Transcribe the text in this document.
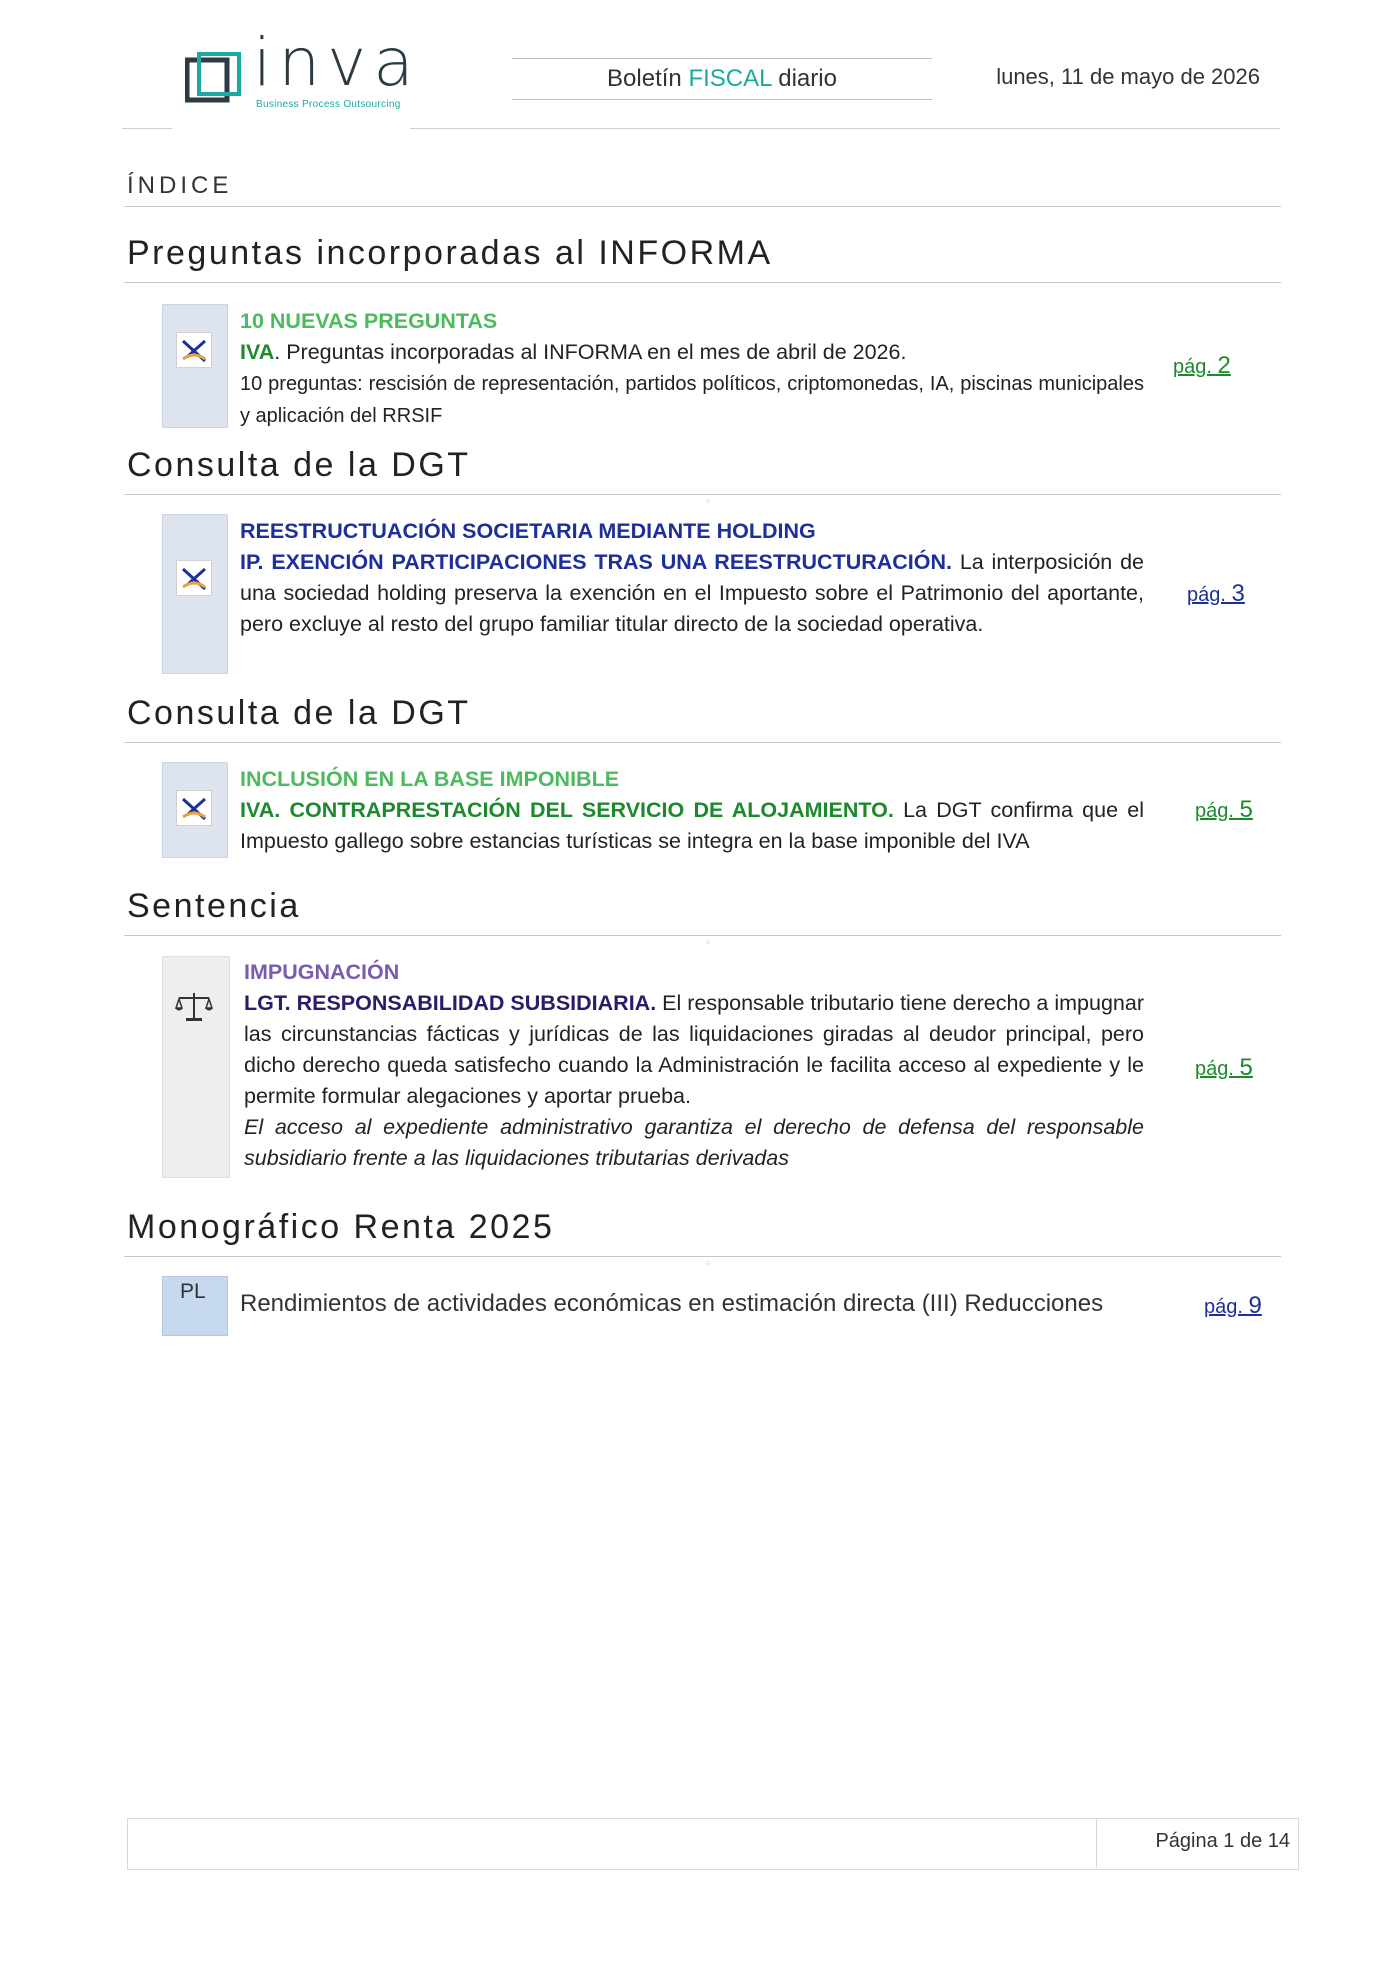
inva
Business Process Outsourcing
Boletín FISCAL diario	lunes, 11 de mayo de 2026
ÍNDICE
Preguntas incorporadas al INFORMA
10 NUEVAS PREGUNTAS
IVA. Preguntas incorporadas al INFORMA en el mes de abril de 2026.
10 preguntas: rescisión de representación, partidos políticos, criptomonedas, IA, piscinas municipales y aplicación del RRSIF
pág. 2
Consulta de la DGT
⁘
REESTRUCTUACIÓN SOCIETARIA MEDIANTE HOLDING
IP. EXENCIÓN PARTICIPACIONES TRAS UNA REESTRUCTURACIÓN. La interposición de una sociedad holding preserva la exención en el Impuesto sobre el Patrimonio del aportante, pero excluye al resto del grupo familiar titular directo de la sociedad operativa.
pág. 3
Consulta de la DGT
INCLUSIÓN EN LA BASE IMPONIBLE
IVA. CONTRAPRESTACIÓN DEL SERVICIO DE ALOJAMIENTO. La DGT confirma que el Impuesto gallego sobre estancias turísticas se integra en la base imponible del IVA
pág. 5
Sentencia
⁘
IMPUGNACIÓN
LGT. RESPONSABILIDAD SUBSIDIARIA. El responsable tributario tiene derecho a impugnar las circunstancias fácticas y jurídicas de las liquidaciones giradas al deudor principal, pero dicho derecho queda satisfecho cuando la Administración le facilita acceso al expediente y le permite formular alegaciones y aportar prueba.
El acceso al expediente administrativo garantiza el derecho de defensa del responsable subsidiario frente a las liquidaciones tributarias derivadas
pág. 5
Monográfico Renta 2025
⁘
PL Rendimientos de actividades económicas en estimación directa (III) Reducciones	pág. 9
Página 1 de 14
